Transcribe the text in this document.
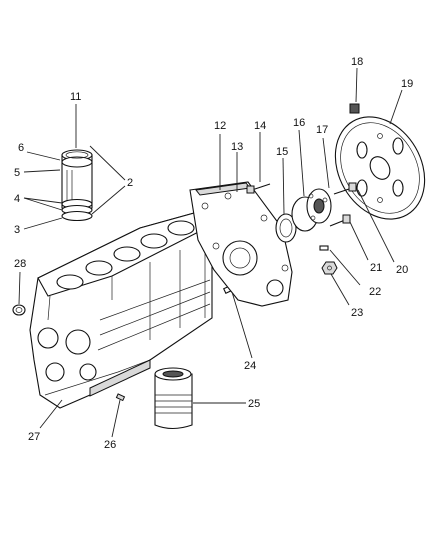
11
6
5
2
4
3
12
13
14
15
16
17
18
19
20
21
22
23
28
24
25
26
27
